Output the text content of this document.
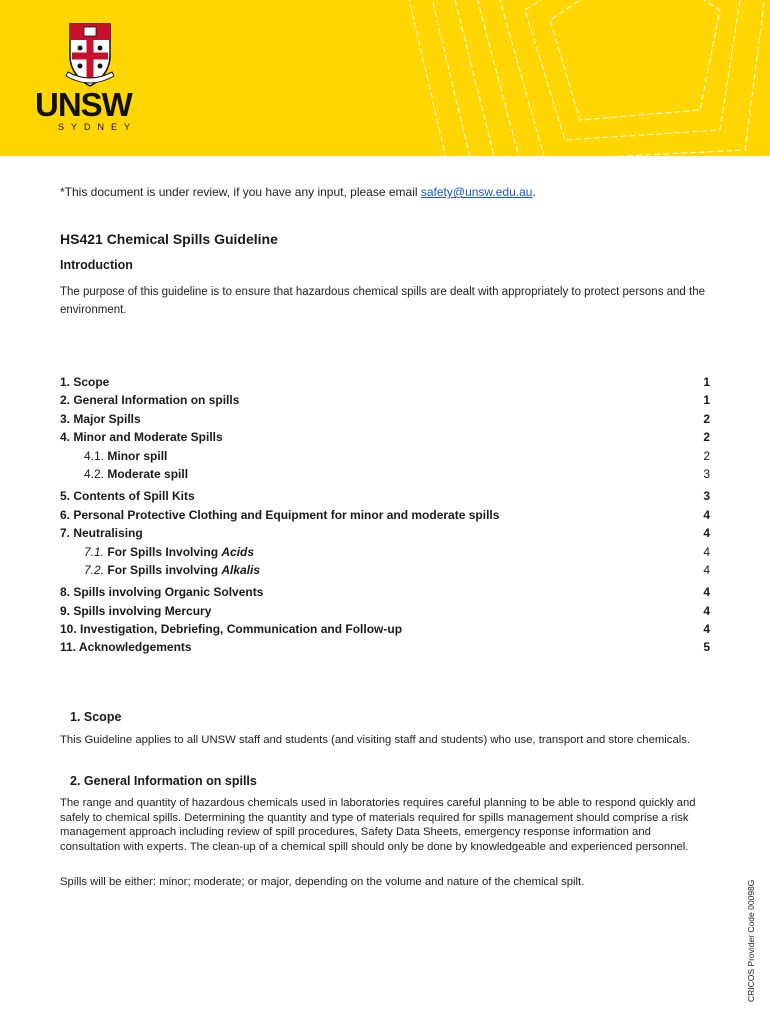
UNSW
SYDNEY
*This document is under review, if you have any input, please email safety@unsw.edu.au.
HS421 Chemical Spills Guideline
Introduction

The purpose of this guideline is to ensure that hazardous chemical spills are dealt with appropriately to protect persons and the environment.

1. Scope	1
2. General Information on spills	1
3. Major Spills	2
4. Minor and Moderate Spills	2
4.1. Minor spill	2
4.2. Moderate spill	3
5. Contents of Spill Kits	3
6. Personal Protective Clothing and Equipment for minor and moderate spills	4
7. Neutralising	4
7.1. For Spills Involving Acids	4
7.2. For Spills involving Alkalis	4
8. Spills involving Organic Solvents	4
9. Spills involving Mercury	4
10. Investigation, Debriefing, Communication and Follow-up	4
11. Acknowledgements	5
1. Scope

This Guideline applies to all UNSW staff and students (and visiting staff and students) who use, transport and store chemicals.

2. General Information on spills

The range and quantity of hazardous chemicals used in laboratories requires careful planning to be able to respond quickly and safely to chemical spills. Determining the quantity and type of materials required for spills management should comprise a risk management approach including review of spill procedures, Safety Data Sheets, emergency response information and consultation with experts. The clean-up of a chemical spill should only be done by knowledgeable and experienced personnel.

Spills will be either: minor; moderate; or major, depending on the volume and nature of the chemical spilt.	CRICOS Provider Code 00098G
